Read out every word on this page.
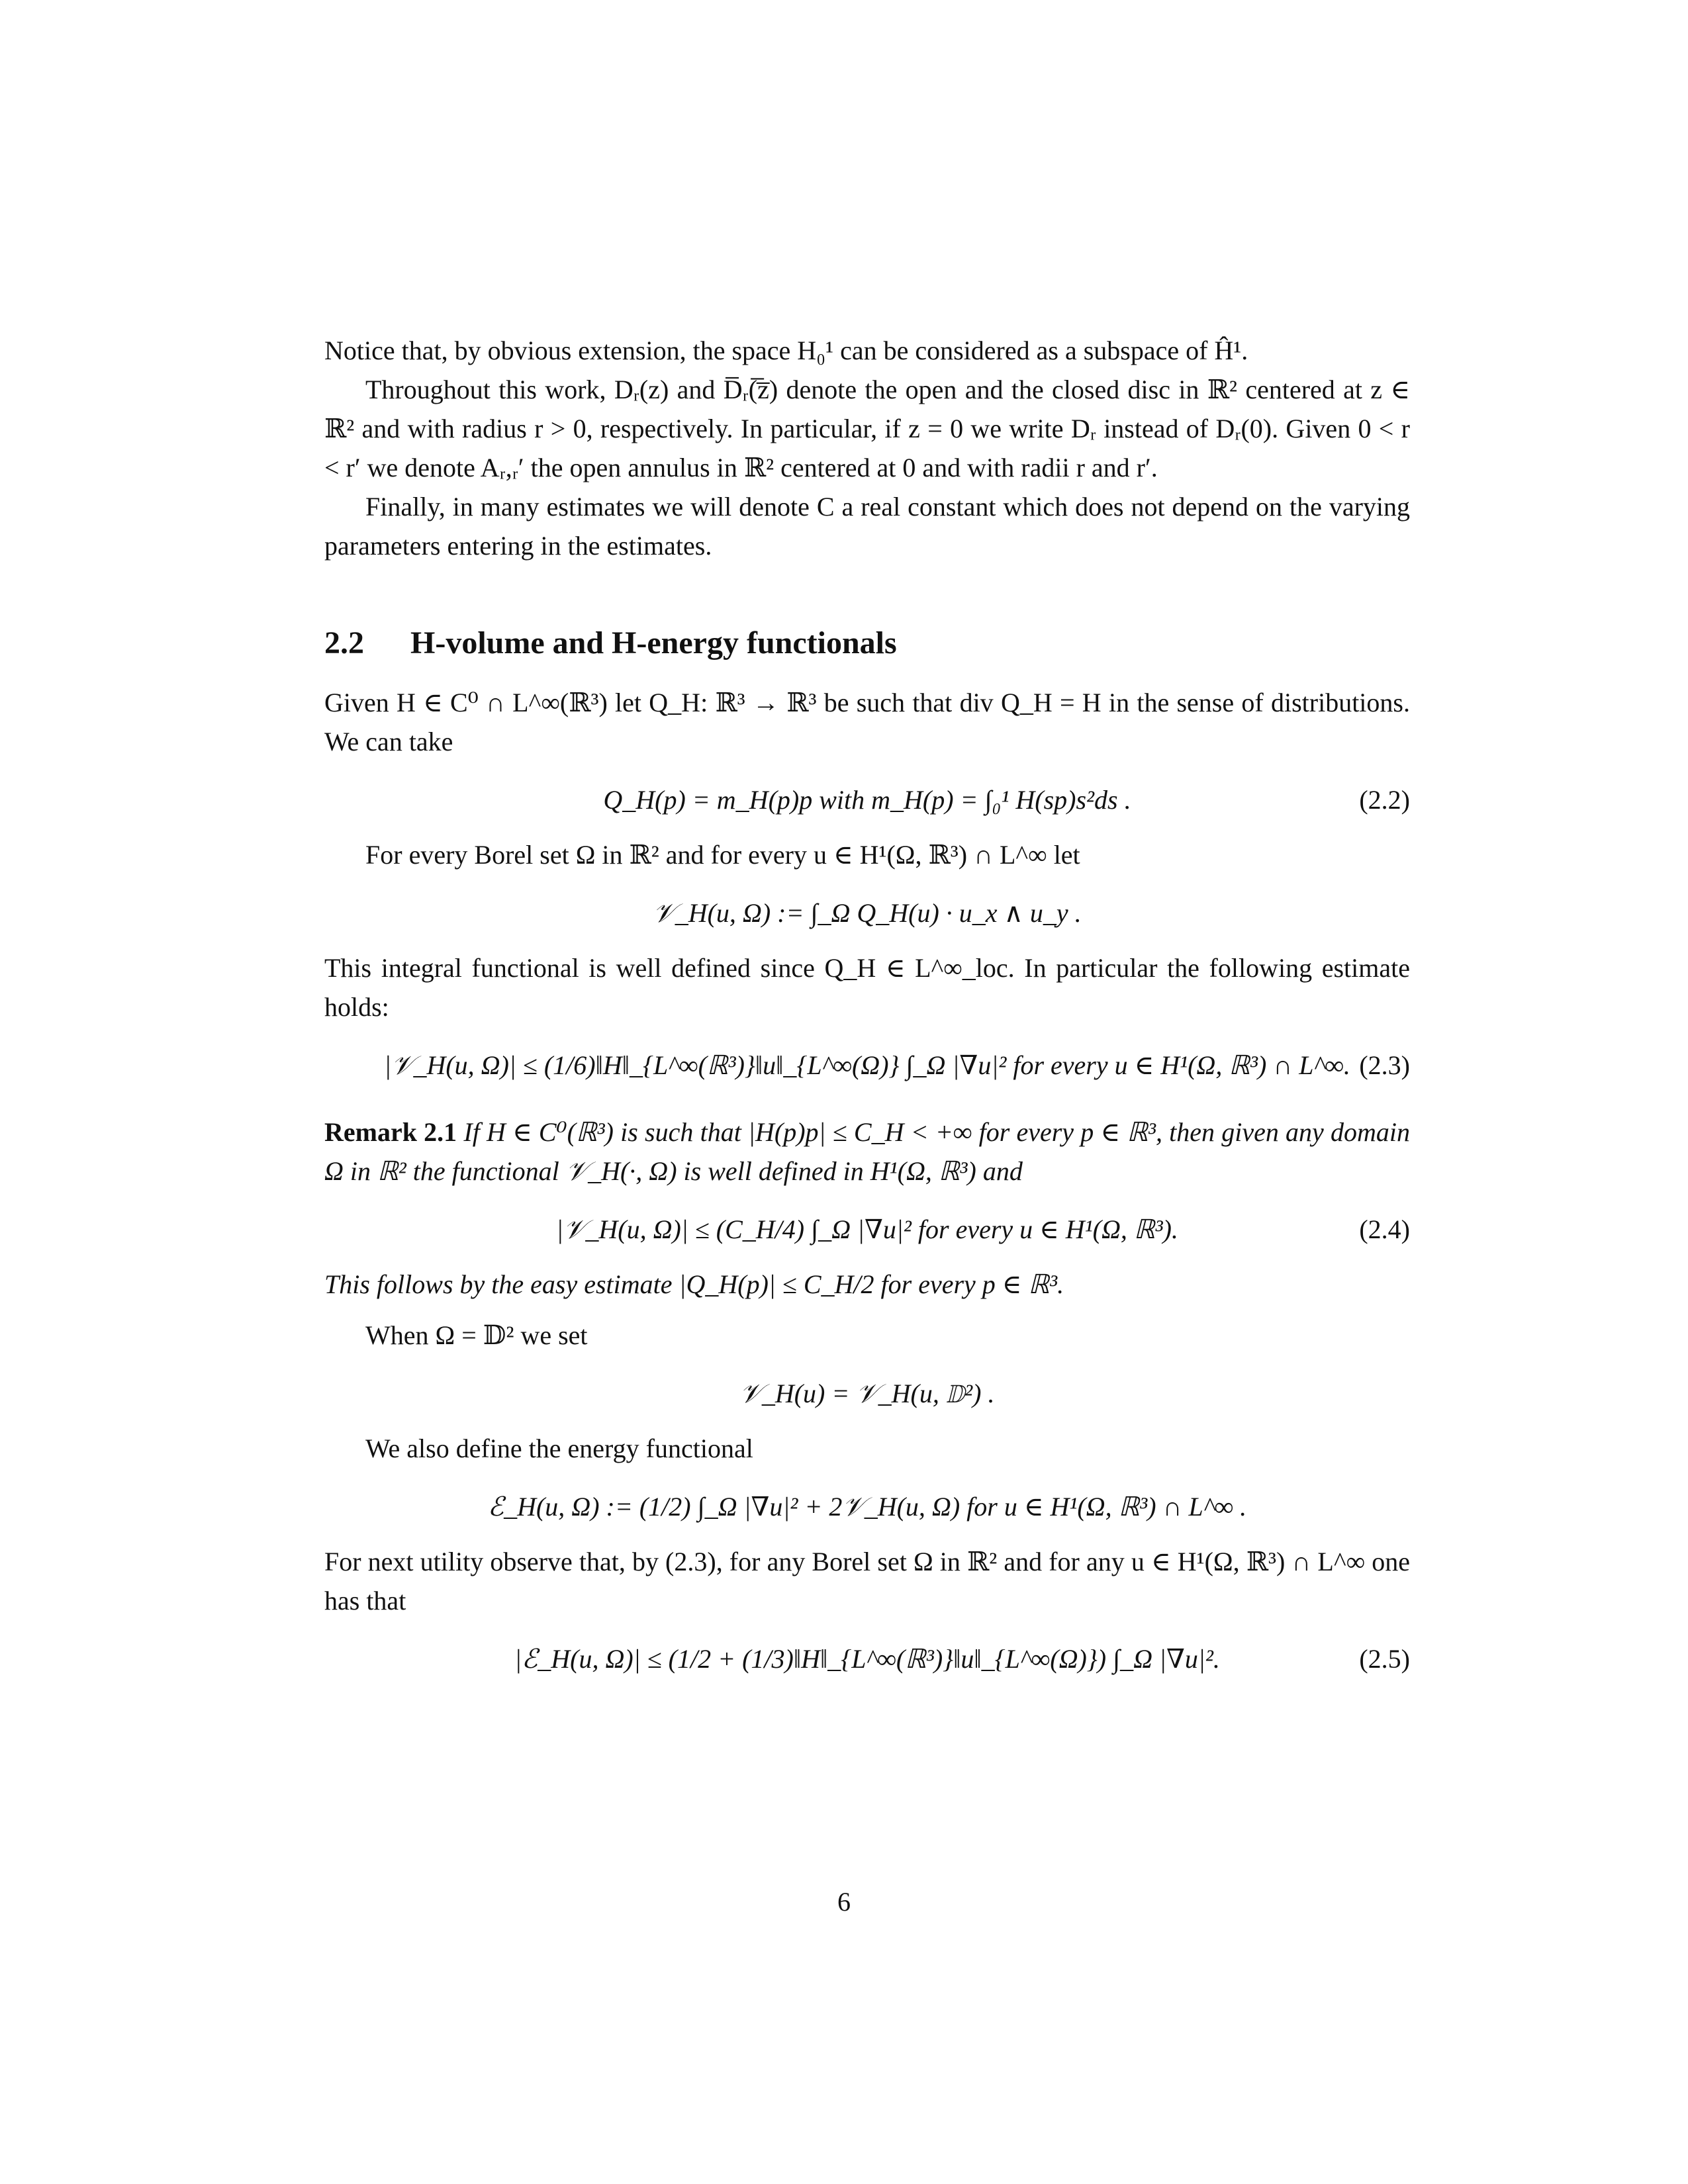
Notice that, by obvious extension, the space H₀¹ can be considered as a subspace of Ĥ¹.

Throughout this work, Dᵣ(z) and D̅ᵣ(̅z̅) denote the open and the closed disc in ℝ² centered at z ∈ ℝ² and with radius r > 0, respectively. In particular, if z = 0 we write Dᵣ instead of Dᵣ(0). Given 0 < r < r′ we denote Aᵣ,ᵣ′ the open annulus in ℝ² centered at 0 and with radii r and r′.

Finally, in many estimates we will denote C a real constant which does not depend on the varying parameters entering in the estimates.

2.2 H-volume and H-energy functionals

Given H ∈ C⁰ ∩ L^∞(ℝ³) let Q_H: ℝ³ → ℝ³ be such that div Q_H = H in the sense of distributions. We can take

Q_H(p) = m_H(p)p with m_H(p) = ∫₀¹ H(sp)s²ds .	(2.2)

For every Borel set Ω in ℝ² and for every u ∈ H¹(Ω, ℝ³) ∩ L^∞ let

𝒱_H(u, Ω) := ∫_Ω Q_H(u) · u_x ∧ u_y .

This integral functional is well defined since Q_H ∈ L^∞_loc. In particular the following estimate holds:

|𝒱_H(u, Ω)| ≤ (1/6)‖H‖_{L^∞(ℝ³)}‖u‖_{L^∞(Ω)} ∫_Ω |∇u|² for every u ∈ H¹(Ω, ℝ³) ∩ L^∞. (2.3)

Remark 2.1 If H ∈ C⁰(ℝ³) is such that |H(p)p| ≤ C_H < +∞ for every p ∈ ℝ³, then given any domain Ω in ℝ² the functional 𝒱_H(·, Ω) is well defined in H¹(Ω, ℝ³) and

|𝒱_H(u, Ω)| ≤ (C_H/4) ∫_Ω |∇u|² for every u ∈ H¹(Ω, ℝ³).	(2.4)

This follows by the easy estimate |Q_H(p)| ≤ C_H/2 for every p ∈ ℝ³.

When Ω = 𝔻² we set

𝒱_H(u) = 𝒱_H(u, 𝔻²) .

We also define the energy functional

ℰ_H(u, Ω) := (1/2) ∫_Ω |∇u|² + 2𝒱_H(u, Ω) for u ∈ H¹(Ω, ℝ³) ∩ L^∞ .

For next utility observe that, by (2.3), for any Borel set Ω in ℝ² and for any u ∈ H¹(Ω, ℝ³) ∩ L^∞ one has that

|ℰ_H(u, Ω)| ≤ (1/2 + (1/3)‖H‖_{L^∞(ℝ³)}‖u‖_{L^∞(Ω)}) ∫_Ω |∇u|².	(2.5)
6
